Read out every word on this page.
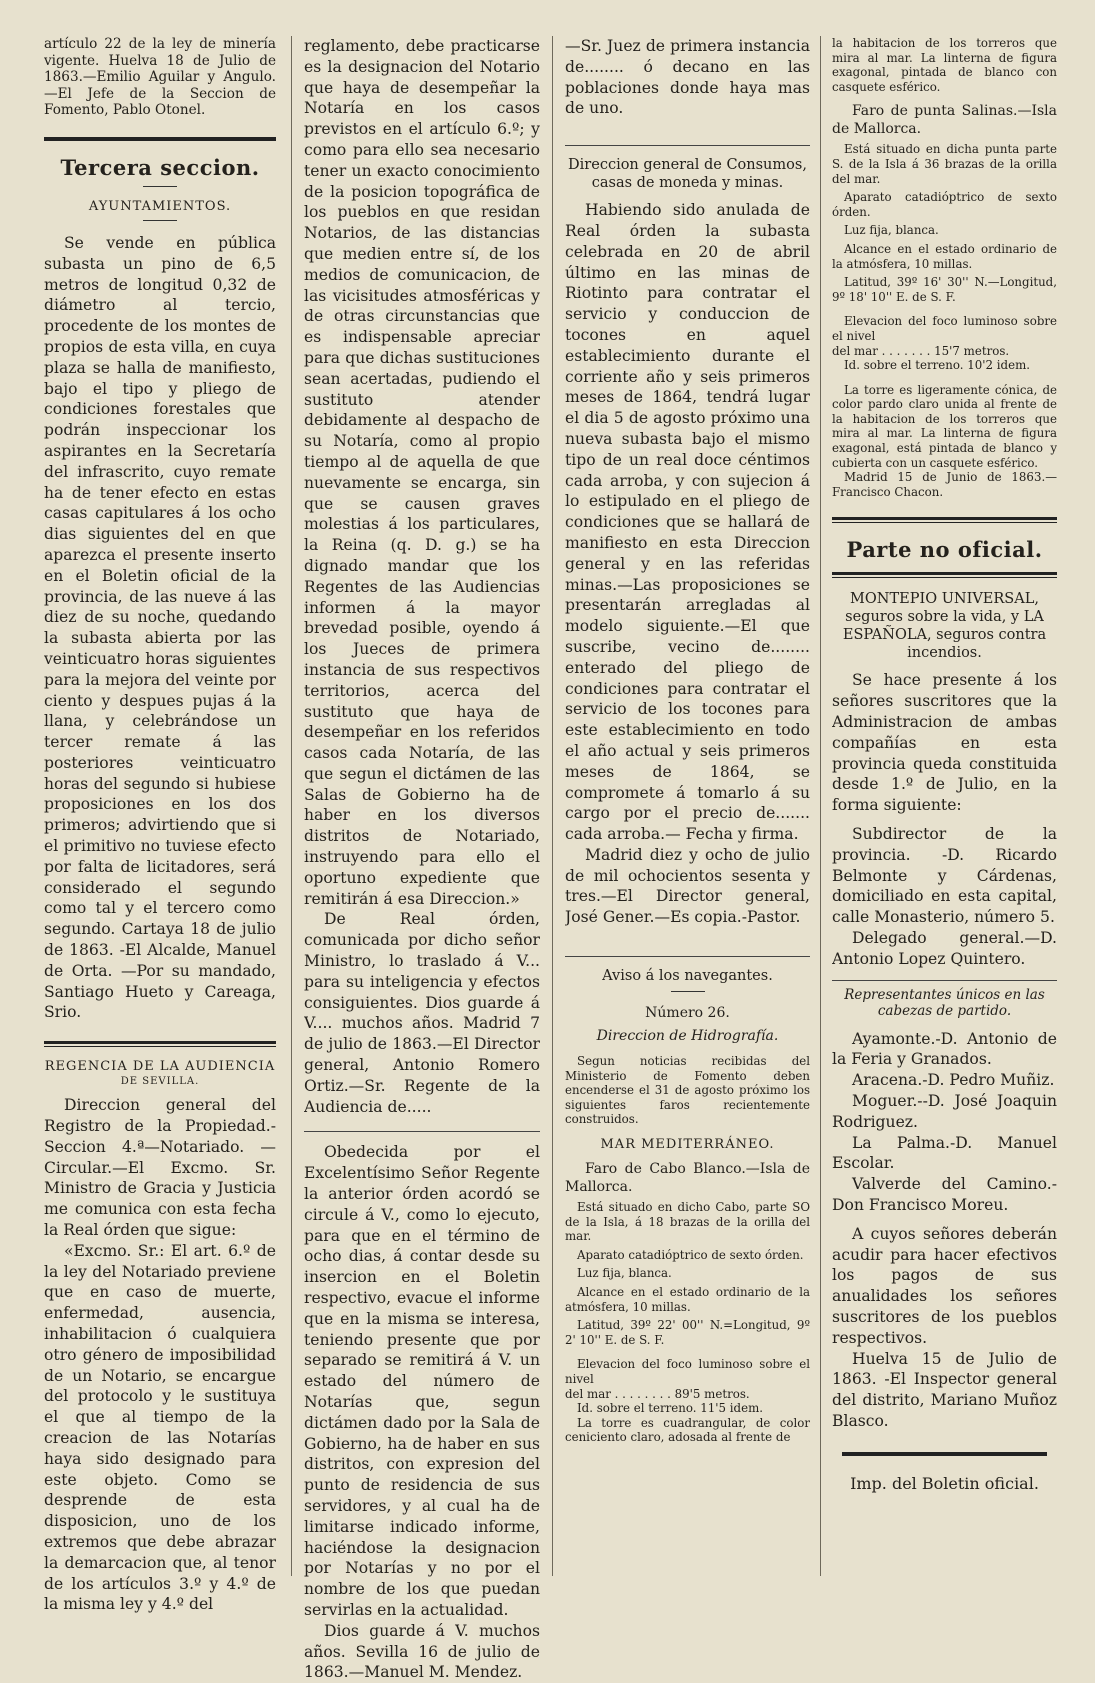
artículo 22 de la ley de minería vigente. Huelva 18 de Julio de 1863.—Emilio Aguilar y Angulo.—El Jefe de la Seccion de Fomento, Pablo Otonel.

Tercera seccion.
AYUNTAMIENTOS.

Se vende en pública subasta un pino de 6,5 metros de longitud 0,32 de diámetro al tercio, procedente de los montes de propios de esta villa, en cuya plaza se halla de manifiesto, bajo el tipo y pliego de condiciones forestales que podrán inspeccionar los aspirantes en la Secretaría del infrascrito, cuyo remate ha de tener efecto en estas casas capitulares á los ocho dias siguientes del en que aparezca el presente inserto en el Boletin oficial de la provincia, de las nueve á las diez de su noche, quedando la subasta abierta por las veinticuatro horas siguientes para la mejora del veinte por ciento y despues pujas á la llana, y celebrándose un tercer remate á las posteriores veinticuatro horas del segundo si hubiese proposiciones en los dos primeros; advirtiendo que si el primitivo no tuviese efecto por falta de licitadores, será considerado el segundo como tal y el tercero como segundo. Cartaya 18 de julio de 1863. -El Alcalde, Manuel de Orta. —Por su mandado, Santiago Hueto y Careaga, Srio.

REGENCIA DE LA AUDIENCIA
DE SEVILLA.

Direccion general del Registro de la Propiedad.-Seccion 4.ª—Notariado. —Circular.—El Excmo. Sr. Ministro de Gracia y Justicia me comunica con esta fecha la Real órden que sigue:

«Excmo. Sr.: El art. 6.º de la ley del Notariado previene que en caso de muerte, enfermedad, ausencia, inhabilitacion ó cualquiera otro género de imposibilidad de un Notario, se encargue del protocolo y le sustituya el que al tiempo de la creacion de las Notarías haya sido designado para este objeto. Como se desprende de esta disposicion, uno de los extremos que debe abrazar la demarcacion que, al tenor de los artículos 3.º y 4.º de la misma ley y 4.º del

reglamento, debe practicarse es la designacion del Notario que haya de desempeñar la Notaría en los casos previstos en el artículo 6.º; y como para ello sea necesario tener un exacto conocimiento de la posicion topográfica de los pueblos en que residan Notarios, de las distancias que medien entre sí, de los medios de comunicacion, de las vicisitudes atmosféricas y de otras circunstancias que es indispensable apreciar para que dichas sustituciones sean acertadas, pudiendo el sustituto atender debidamente al despacho de su Notaría, como al propio tiempo al de aquella de que nuevamente se encarga, sin que se causen graves molestias á los particulares, la Reina (q. D. g.) se ha dignado mandar que los Regentes de las Audiencias informen á la mayor brevedad posible, oyendo á los Jueces de primera instancia de sus respectivos territorios, acerca del sustituto que haya de desempeñar en los referidos casos cada Notaría, de las que segun el dictámen de las Salas de Gobierno ha de haber en los diversos distritos de Notariado, instruyendo para ello el oportuno expediente que remitirán á esa Direccion.»

De Real órden, comunicada por dicho señor Ministro, lo traslado á V... para su inteligencia y efectos consiguientes. Dios guarde á V.... muchos años. Madrid 7 de julio de 1863.—El Director general, Antonio Romero Ortiz.—Sr. Regente de la Audiencia de.....

Obedecida por el Excelentísimo Señor Regente la anterior órden acordó se circule á V., como lo ejecuto, para que en el término de ocho dias, á contar desde su insercion en el Boletin respectivo, evacue el informe que en la misma se interesa, teniendo presente que por separado se remitirá á V. un estado del número de Notarías que, segun dictámen dado por la Sala de Gobierno, ha de haber en sus distritos, con expresion del punto de residencia de sus servidores, y al cual ha de limitarse indicado informe, haciéndose la designacion por Notarías y no por el nombre de los que puedan servirlas en la actualidad.

Dios guarde á V. muchos años. Sevilla 16 de julio de 1863.—Manuel M. Mendez.

—Sr. Juez de primera instancia de........ ó decano en las poblaciones donde haya mas de uno.

Direccion general de Consumos, casas de moneda y minas.

Habiendo sido anulada de Real órden la subasta celebrada en 20 de abril último en las minas de Riotinto para contratar el servicio y conduccion de tocones en aquel establecimiento durante el corriente año y seis primeros meses de 1864, tendrá lugar el dia 5 de agosto próximo una nueva subasta bajo el mismo tipo de un real doce céntimos cada arroba, y con sujecion á lo estipulado en el pliego de condiciones que se hallará de manifiesto en esta Direccion general y en las referidas minas.—Las proposiciones se presentarán arregladas al modelo siguiente.—El que suscribe, vecino de........ enterado del pliego de condiciones para contratar el servicio de los tocones para este establecimiento en todo el año actual y seis primeros meses de 1864, se compromete á tomarlo á su cargo por el precio de....... cada arroba.— Fecha y firma.

Madrid diez y ocho de julio de mil ochocientos sesenta y tres.—El Director general, José Gener.—Es copia.-Pastor.

Aviso á los navegantes.
Número 26.
Direccion de Hidrografía.

Segun noticias recibidas del Ministerio de Fomento deben encenderse el 31 de agosto próximo los siguientes faros recientemente construidos.

MAR MEDITERRÁNEO.

Faro de Cabo Blanco.—Isla de Mallorca.

Está situado en dicho Cabo, parte SO de la Isla, á 18 brazas de la orilla del mar.

Aparato catadióptrico de sexto órden.

Luz fija, blanca.

Alcance en el estado ordinario de la atmósfera, 10 millas.

Latitud, 39º 22' 00'' N.=Longitud, 9º 2' 10'' E. de S. F.

Elevacion del foco luminoso sobre el nivel

del mar . . . . . . . . 89'5 metros.

Id. sobre el terreno. 11'5 idem.

La torre es cuadrangular, de color ceniciento claro, adosada al frente de

la habitacion de los torreros que mira al mar. La linterna de figura exagonal, pintada de blanco con casquete esférico.

Faro de punta Salinas.—Isla de Mallorca.

Está situado en dicha punta parte S. de la Isla á 36 brazas de la orilla del mar.

Aparato catadióptrico de sexto órden.

Luz fija, blanca.

Alcance en el estado ordinario de la atmósfera, 10 millas.

Latitud, 39º 16' 30'' N.—Longitud, 9º 18' 10'' E. de S. F.

Elevacion del foco luminoso sobre el nivel

del mar . . . . . . . 15'7 metros.

Id. sobre el terreno. 10'2 idem.

La torre es ligeramente cónica, de color pardo claro unida al frente de la habitacion de los torreros que mira al mar. La linterna de figura exagonal, está pintada de blanco y cubierta con un casquete esférico.

Madrid 15 de Junio de 1863.— Francisco Chacon.

Parte no oficial.
MONTEPIO UNIVERSAL, seguros sobre la vida, y LA ESPAÑOLA, seguros contra incendios.

Se hace presente á los señores suscritores que la Administracion de ambas compañías en esta provincia queda constituida desde 1.º de Julio, en la forma siguiente:

Subdirector de la provincia. -D. Ricardo Belmonte y Cárdenas, domiciliado en esta capital, calle Monasterio, número 5.

Delegado general.—D. Antonio Lopez Quintero.

Representantes únicos en las cabezas de partido.

Ayamonte.-D. Antonio de la Feria y Granados.

Aracena.-D. Pedro Muñiz.

Moguer.--D. José Joaquin Rodriguez.

La Palma.-D. Manuel Escolar.

Valverde del Camino.-Don Francisco Moreu.

A cuyos señores deberán acudir para hacer efectivos los pagos de sus anualidades los señores suscritores de los pueblos respectivos.

Huelva 15 de Julio de 1863. -El Inspector general del distrito, Mariano Muñoz Blasco.

Imp. del Boletin oficial.
